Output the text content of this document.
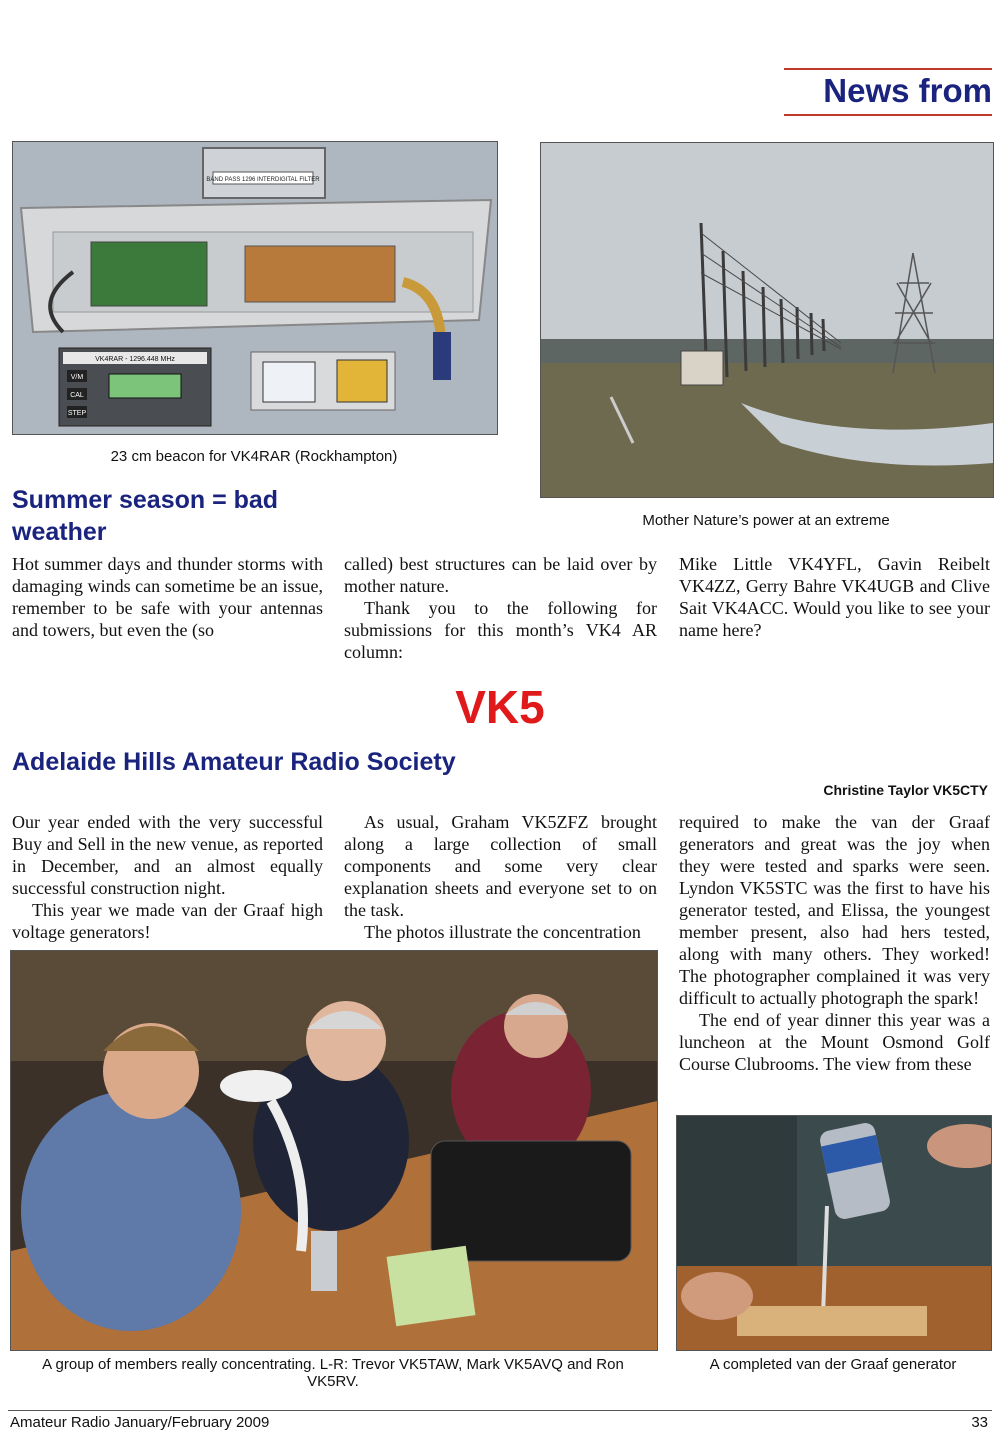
News from
BAND PASS 1296 INTERDIGITAL FILTER
VK4RAR - 1296.448 MHz
V/M
CAL
STEP
23 cm beacon for VK4RAR (Rockhampton)
Mother Nature’s power at an extreme
Summer season = bad weather

Hot summer days and thunder storms with damaging winds can sometime be an issue, remember to be safe with your antennas and towers, but even the (so

called) best structures can be laid over by mother nature.

Thank you to the following for submissions for this month’s VK4 AR column:

Mike Little VK4YFL, Gavin Reibelt VK4ZZ, Gerry Bahre VK4UGB and Clive Sait VK4ACC. Would you like to see your name here?

VK5
Adelaide Hills Amateur Radio Society
Christine Taylor VK5CTY

Our year ended with the very successful Buy and Sell in the new venue, as reported in December, and an almost equally successful construction night.

This year we made van der Graaf high voltage generators!

As usual, Graham VK5ZFZ brought along a large collection of small components and some very clear explanation sheets and everyone set to on the task.

The photos illustrate the concentration

required to make the van der Graaf generators and great was the joy when they were tested and sparks were seen. Lyndon VK5STC was the first to have his generator tested, and Elissa, the youngest member present, also had hers tested, along with many others. They worked! The photographer complained it was very difficult to actually photograph the spark!

The end of year dinner this year was a luncheon at the Mount Osmond Golf Course Clubrooms. The view from these

A group of members really concentrating. L-R: Trevor VK5TAW, Mark VK5AVQ and Ron VK5RV.
A completed van der Graaf generator
Amateur Radio January/February 2009	33
